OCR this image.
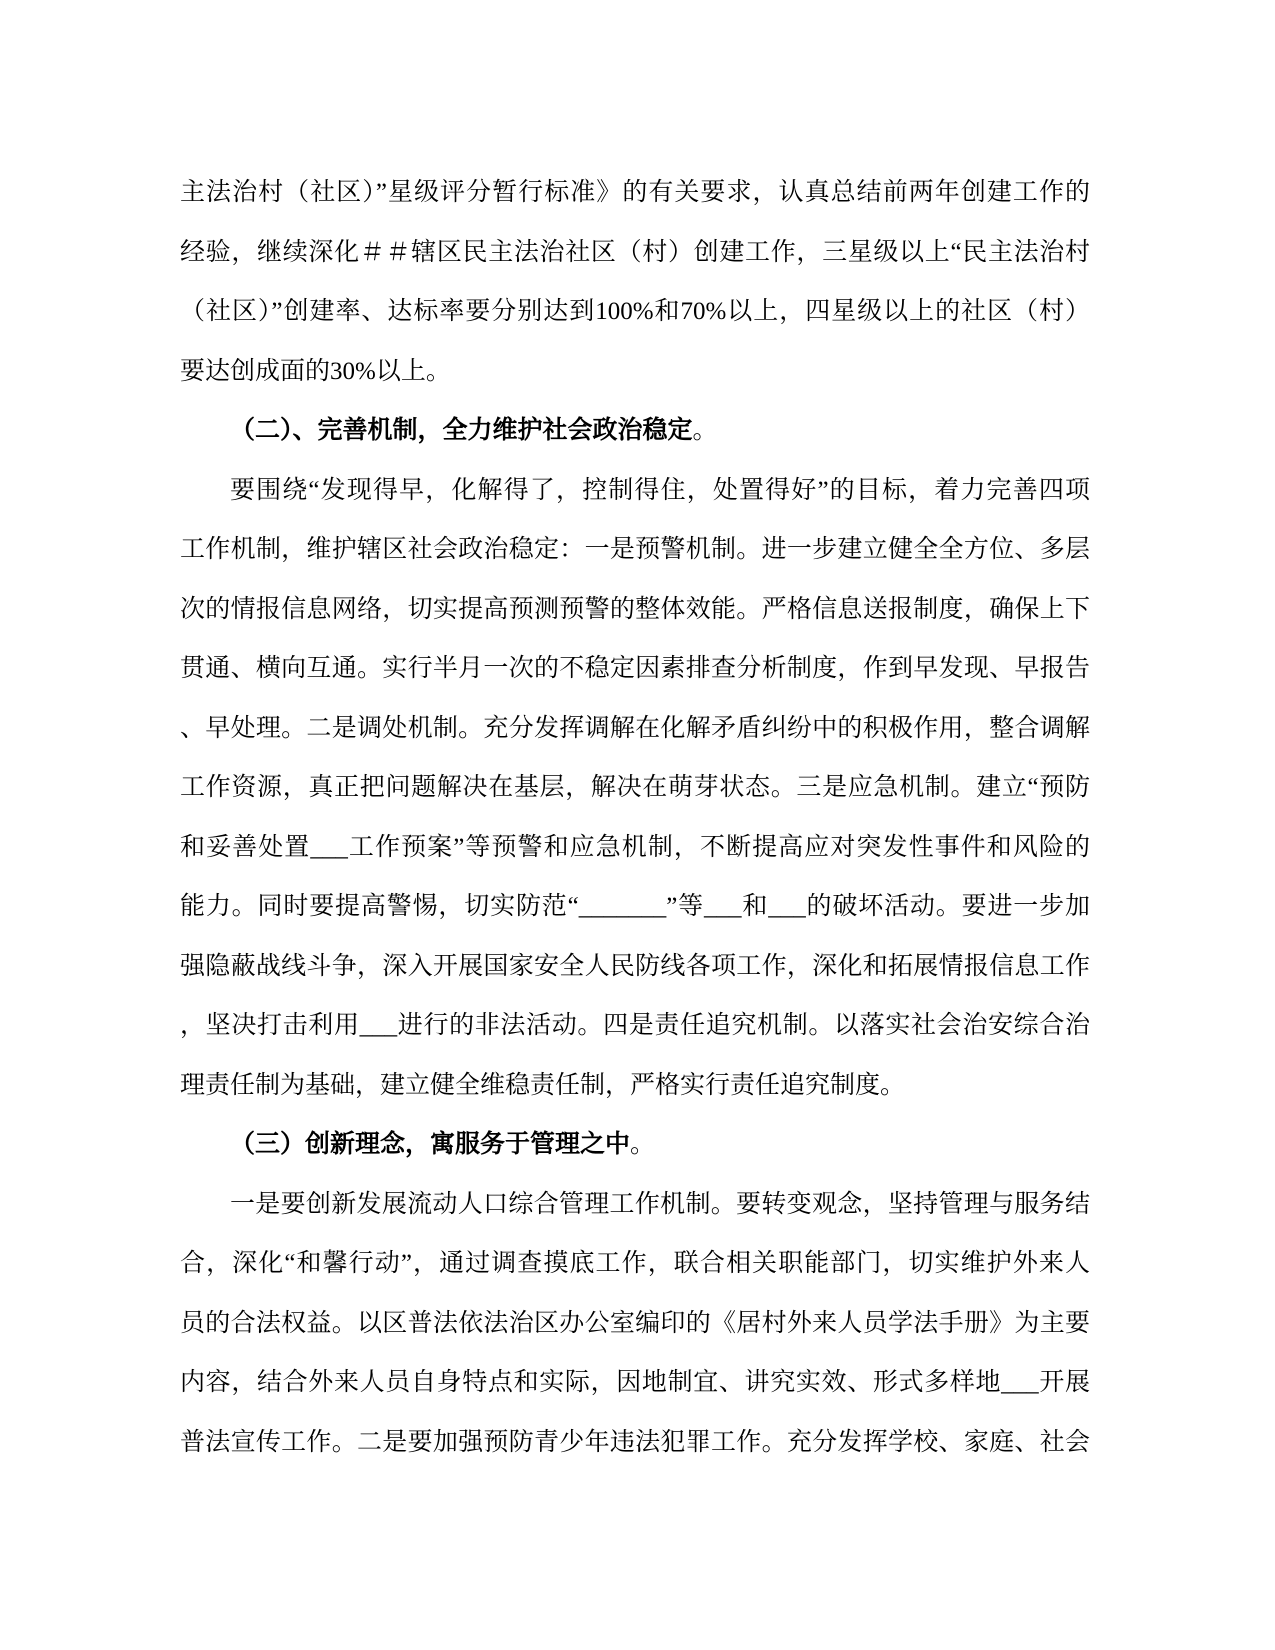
主法治村（社区）”星级评分暂行标准》的有关要求，认真总结前两年创建工作的
经验，继续深化＃＃辖区民主法治社区（村）创建工作，三星级以上“民主法治村
（社区）”创建率、达标率要分别达到100%和70%以上，四星级以上的社区（村）
要达创成面的30%以上。
（二）、完善机制，全力维护社会政治稳定。
要围绕“发现得早，化解得了，控制得住，处置得好”的目标，着力完善四项
工作机制，维护辖区社会政治稳定：一是预警机制。进一步建立健全全方位、多层
次的情报信息网络，切实提高预测预警的整体效能。严格信息送报制度，确保上下
贯通、横向互通。实行半月一次的不稳定因素排查分析制度，作到早发现、早报告
、早处理。二是调处机制。充分发挥调解在化解矛盾纠纷中的积极作用，整合调解
工作资源，真正把问题解决在基层，解决在萌芽状态。三是应急机制。建立“预防
和妥善处置___工作预案”等预警和应急机制，不断提高应对突发性事件和风险的
能力。同时要提高警惕，切实防范“_______”等___和___的破坏活动。要进一步加
强隐蔽战线斗争，深入开展国家安全人民防线各项工作，深化和拓展情报信息工作
，坚决打击利用___进行的非法活动。四是责任追究机制。以落实社会治安综合治
理责任制为基础，建立健全维稳责任制，严格实行责任追究制度。
（三）创新理念，寓服务于管理之中。
一是要创新发展流动人口综合管理工作机制。要转变观念，坚持管理与服务结
合，深化“和馨行动”，通过调查摸底工作，联合相关职能部门，切实维护外来人
员的合法权益。以区普法依法治区办公室编印的《居村外来人员学法手册》为主要
内容，结合外来人员自身特点和实际，因地制宜、讲究实效、形式多样地___开展
普法宣传工作。二是要加强预防青少年违法犯罪工作。充分发挥学校、家庭、社会
